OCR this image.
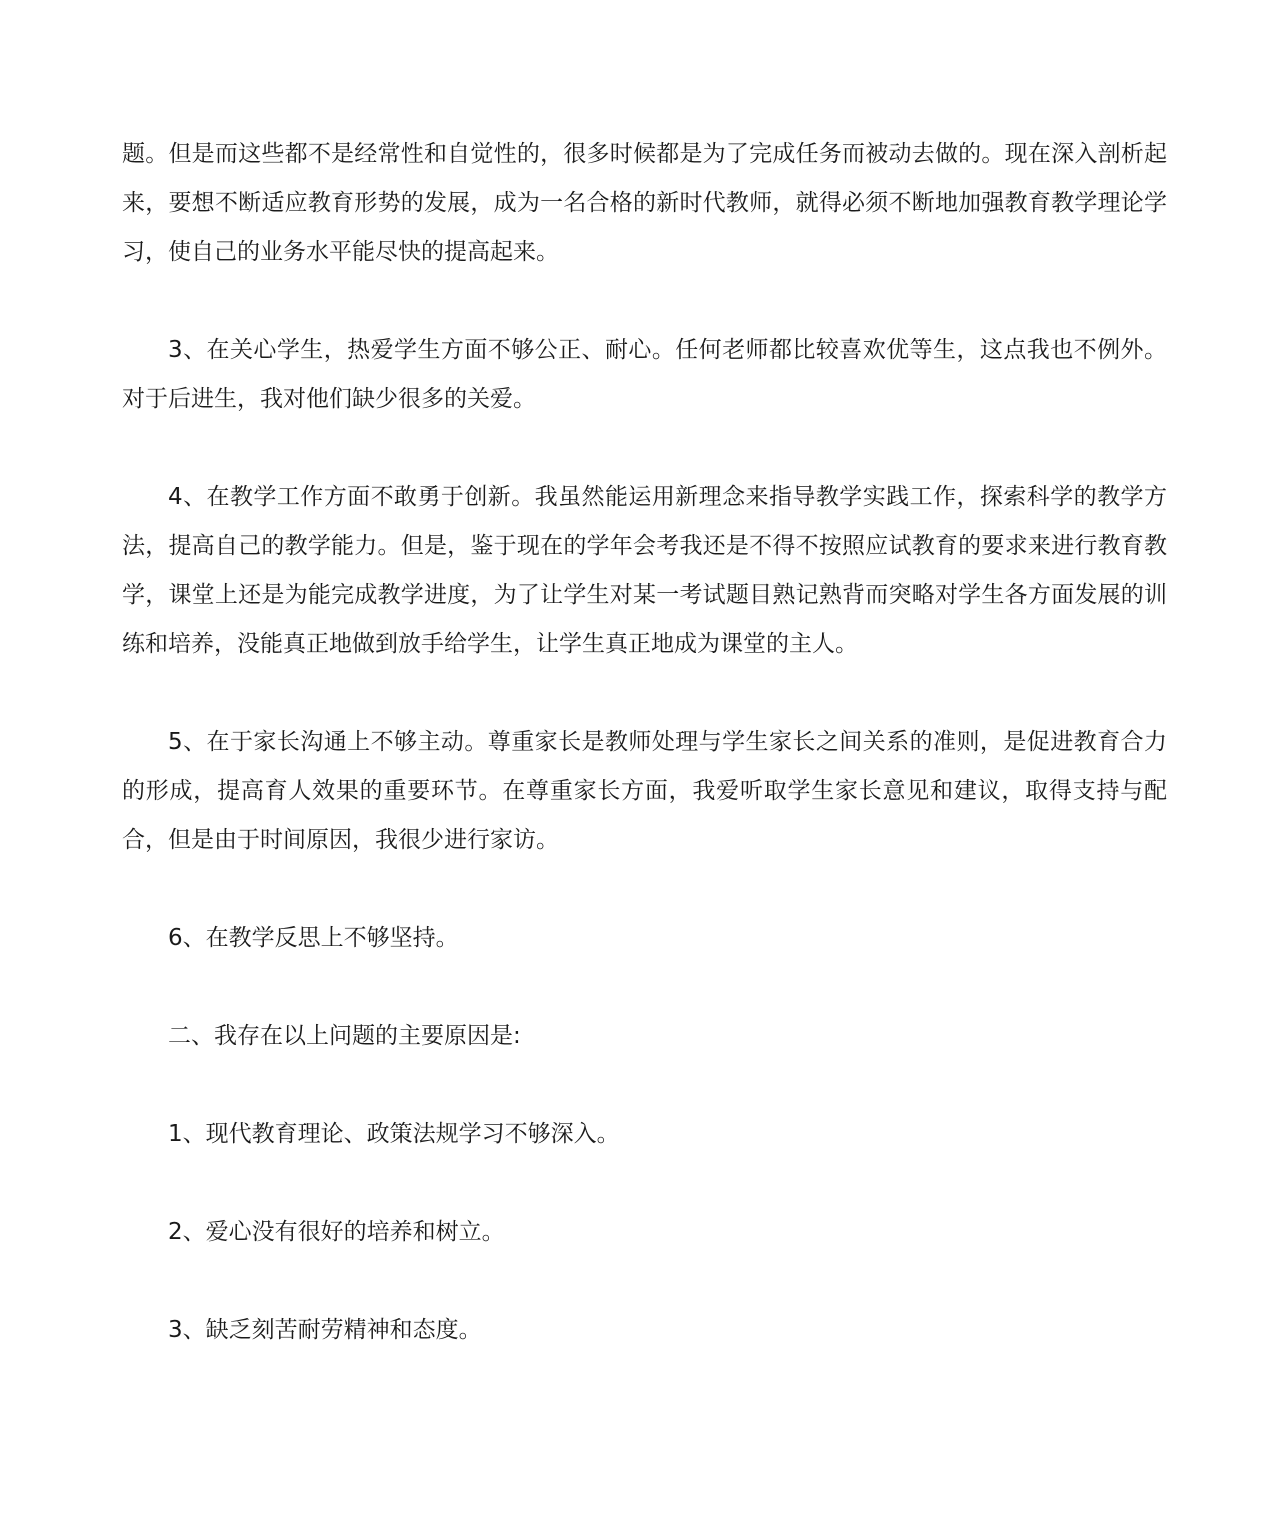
题。但是而这些都不是经常性和自觉性的，很多时候都是为了完成任务而被动去做的。现在深入剖析起来，要想不断适应教育形势的发展，成为一名合格的新时代教师，就得必须不断地加强教育教学理论学习，使自己的业务水平能尽快的提高起来。

3、在关心学生，热爱学生方面不够公正、耐心。任何老师都比较喜欢优等生，这点我也不例外。对于后进生，我对他们缺少很多的关爱。

4、在教学工作方面不敢勇于创新。我虽然能运用新理念来指导教学实践工作，探索科学的教学方法，提高自己的教学能力。但是，鉴于现在的学年会考我还是不得不按照应试教育的要求来进行教育教学，课堂上还是为能完成教学进度，为了让学生对某一考试题目熟记熟背而突略对学生各方面发展的训练和培养，没能真正地做到放手给学生，让学生真正地成为课堂的主人。

5、在于家长沟通上不够主动。尊重家长是教师处理与学生家长之间关系的准则，是促进教育合力的形成，提高育人效果的重要环节。在尊重家长方面，我爱听取学生家长意见和建议，取得支持与配合，但是由于时间原因，我很少进行家访。

6、在教学反思上不够坚持。

二、我存在以上问题的主要原因是:

1、现代教育理论、政策法规学习不够深入。

2、爱心没有很好的培养和树立。

3、缺乏刻苦耐劳精神和态度。
